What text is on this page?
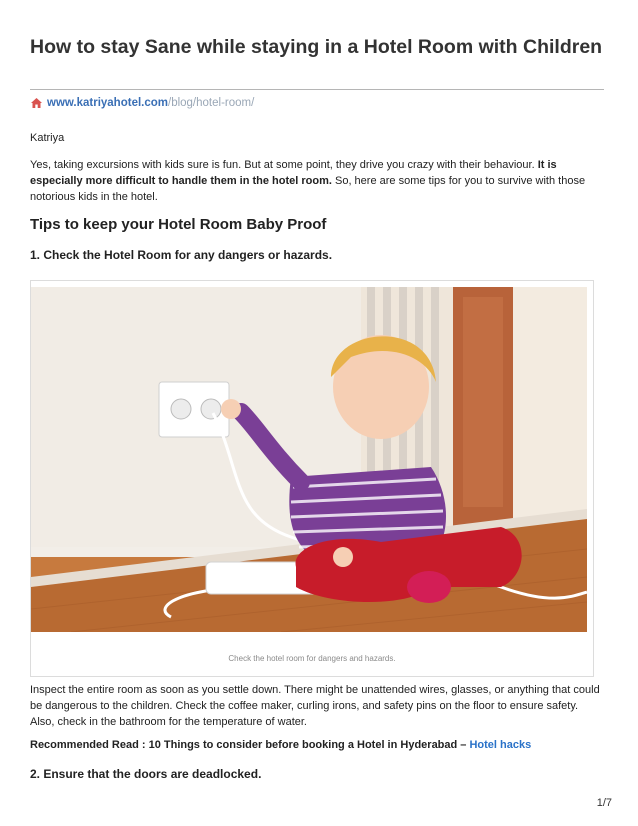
How to stay Sane while staying in a Hotel Room with Children
www.katriyahotel.com /blog/hotel-room/

Katriya

Yes, taking excursions with kids sure is fun. But at some point, they drive you crazy with their behaviour. It is especially more difficult to handle them in the hotel room. So, here are some tips for you to survive with those notorious kids in the hotel.

Tips to keep your Hotel Room Baby Proof
1. Check the Hotel Room for any dangers or hazards.
Check the hotel room for dangers and hazards.

Inspect the entire room as soon as you settle down. There might be unattended wires, glasses, or anything that could be dangerous to the children. Check the coffee maker, curling irons, and safety pins on the floor to ensure safety. Also, check in the bathroom for the temperature of water.

Recommended Read : 10 Things to consider before booking a Hotel in Hyderabad – Hotel hacks

2. Ensure that the doors are deadlocked.
1/7
